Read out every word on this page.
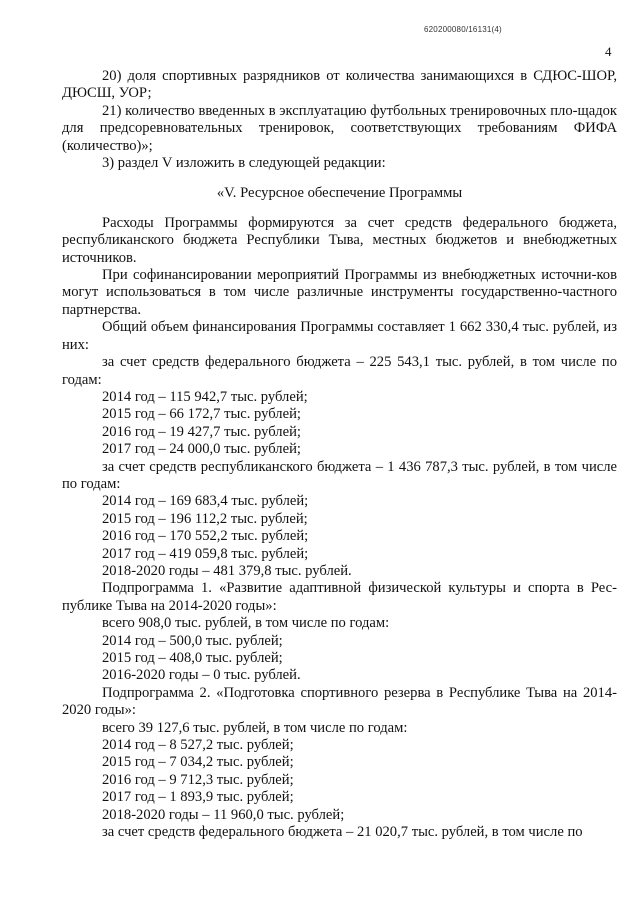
620200080/16131(4)
4

20) доля спортивных разрядников от количества занимающихся в СДЮС-ШОР, ДЮСШ, УОР;

21) количество введенных в эксплуатацию футбольных тренировочных пло-щадок для предсоревновательных тренировок, соответствующих требованиям ФИФА (количество)»;

3) раздел V изложить в следующей редакции:

«V. Ресурсное обеспечение Программы

Расходы Программы формируются за счет средств федерального бюджета, республиканского бюджета Республики Тыва, местных бюджетов и внебюджетных источников.

При софинансировании мероприятий Программы из внебюджетных источни-ков могут использоваться в том числе различные инструменты государственно-частного партнерства.

Общий объем финансирования Программы составляет 1 662 330,4 тыс. рублей, из них:

за счет средств федерального бюджета – 225 543,1 тыс. рублей, в том числе по годам:

2014 год – 115 942,7 тыс. рублей;

2015 год – 66 172,7 тыс. рублей;

2016 год – 19 427,7 тыс. рублей;

2017 год – 24 000,0 тыс. рублей;

за счет средств республиканского бюджета – 1 436 787,3 тыс. рублей, в том числе по годам:

2014 год – 169 683,4 тыс. рублей;

2015 год – 196 112,2 тыс. рублей;

2016 год – 170 552,2 тыс. рублей;

2017 год – 419 059,8 тыс. рублей;

2018-2020 годы – 481 379,8 тыс. рублей.

Подпрограмма 1. «Развитие адаптивной физической культуры и спорта в Рес-публике Тыва на 2014-2020 годы»:

всего 908,0 тыс. рублей, в том числе по годам:

2014 год – 500,0 тыс. рублей;

2015 год – 408,0 тыс. рублей;

2016-2020 годы – 0 тыс. рублей.

Подпрограмма 2. «Подготовка спортивного резерва в Республике Тыва на 2014-2020 годы»:

всего 39 127,6 тыс. рублей, в том числе по годам:

2014 год – 8 527,2 тыс. рублей;

2015 год – 7 034,2 тыс. рублей;

2016 год – 9 712,3 тыс. рублей;

2017 год – 1 893,9 тыс. рублей;

2018-2020 годы – 11 960,0 тыс. рублей;

за счет средств федерального бюджета – 21 020,7 тыс. рублей, в том числе по
